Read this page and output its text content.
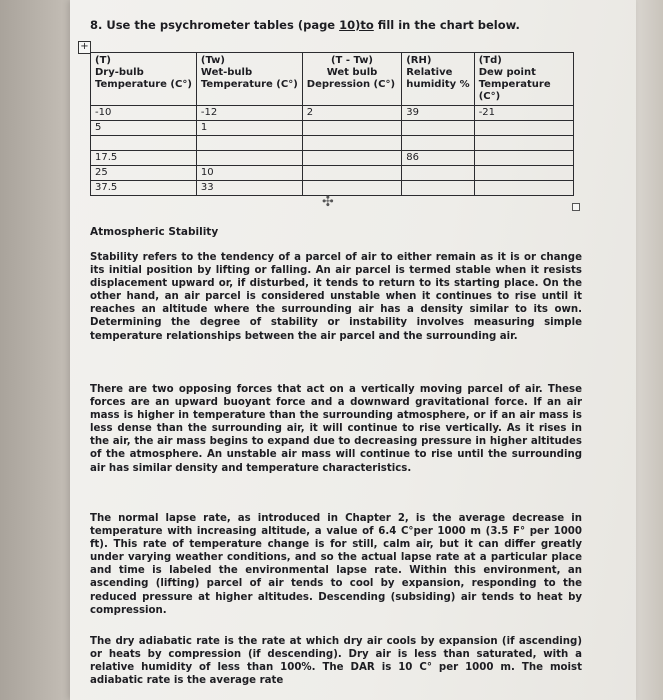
8. Use the psychrometer tables (page 10)to fill in the chart below.
+
(T)
Dry-bulb
Temperature (C°)	(Tw)
Wet-bulb
Temperature (C°)	(T - Tw)
Wet bulb
Depression (C°)	(RH)
Relative
humidity %	(Td)
Dew point
Temperature
(C°)

-10	-12	2	39	-21
5	1			

17.5			86	
25	10			
37.5	33			
✣
Atmospheric Stability

Stability refers to the tendency of a parcel of air to either remain as it is or change its initial position by lifting or falling. An air parcel is termed stable when it resists displacement upward or, if disturbed, it tends to return to its starting place. On the other hand, an air parcel is considered unstable when it continues to rise until it reaches an altitude where the surrounding air has a density similar to its own. Determining the degree of stability or instability involves measuring simple temperature relationships between the air parcel and the surrounding air.

There are two opposing forces that act on a vertically moving parcel of air. These forces are an upward buoyant force and a downward gravitational force. If an air mass is higher in temperature than the surrounding atmosphere, or if an air mass is less dense than the surrounding air, it will continue to rise vertically. As it rises in the air, the air mass begins to expand due to decreasing pressure in higher altitudes of the atmosphere. An unstable air mass will continue to rise until the surrounding air has similar density and temperature characteristics.

The normal lapse rate, as introduced in Chapter 2, is the average decrease in temperature with increasing altitude, a value of 6.4 C°per 1000 m (3.5 F° per 1000 ft). This rate of temperature change is for still, calm air, but it can differ greatly under varying weather conditions, and so the actual lapse rate at a particular place and time is labeled the environmental lapse rate. Within this environment, an ascending (lifting) parcel of air tends to cool by expansion, responding to the reduced pressure at higher altitudes. Descending (subsiding) air tends to heat by compression.

The dry adiabatic rate is the rate at which dry air cools by expansion (if ascending) or heats by compression (if descending). Dry air is less than saturated, with a relative humidity of less than 100%. The DAR is 10 C° per 1000 m. The moist adiabatic rate is the average rate
